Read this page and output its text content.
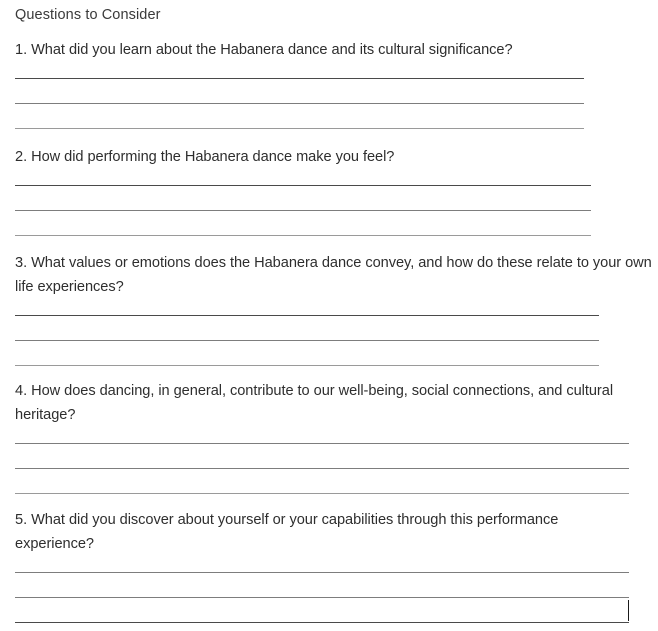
Questions to Consider

1. What did you learn about the Habanera dance and its cultural significance?

2. How did performing the Habanera dance make you feel?

3. What values or emotions does the Habanera dance convey, and how do these relate to your own life experiences?

4. How does dancing, in general, contribute to our well-being, social connections, and cultural heritage?

5. What did you discover about yourself or your capabilities through this performance experience?
